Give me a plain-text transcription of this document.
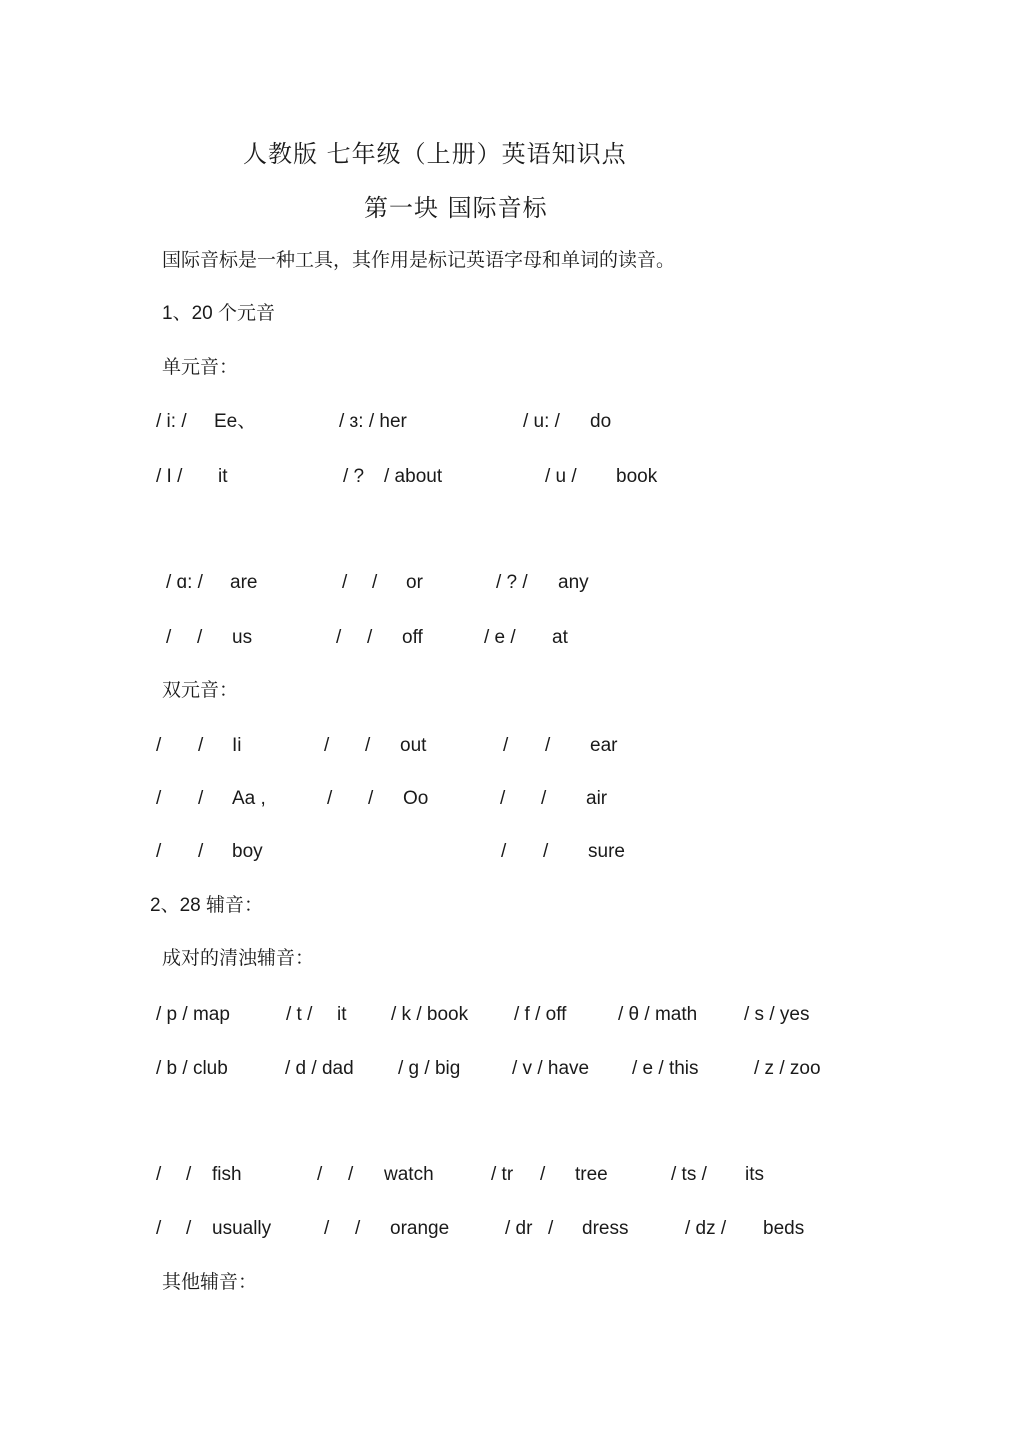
人教版 七年级（上册）英语知识点
第一块 国际音标
国际音标是一种工具，其作用是标记英语字母和单词的读音。
1、20 个元音
单元音：
/ i: / Ee、	/ ɜ: / her	/ u: / do
/ I / it	/ ? / about	/ u / book
/ ɑ: / are	/ / or	/ ? / any
/ / us	/ / off	/ e / at
双元音：
/ / Ii	/ / out	/ / ear
/ / Aa ,	/ / Oo	/ / air
/ / boy	/ / sure
2、28 辅音：
成对的清浊辅音：
/ p / map	/ t / it / k / book / f / off	/ θ / math / s / yes
/ b / club	/ d / dad / g / big	/ v / have / e / this	/ z / zoo
/ / fish	/ / watch	/ tr / tree	/ ts / its
/ / usually	/ / orange	/ dr / dress	/ dz / beds
其他辅音：
